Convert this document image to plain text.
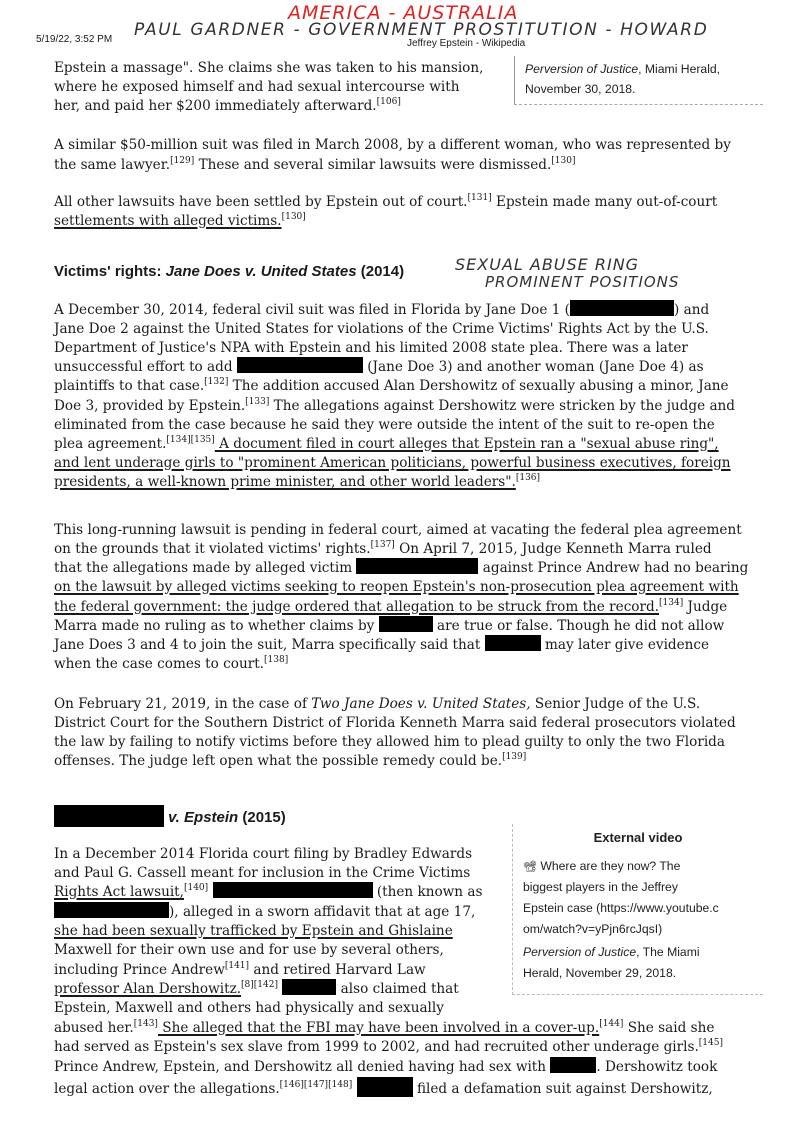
5/19/22, 3:52 PM	Jeffrey Epstein - Wikipedia
AMERICA - AUSTRALIA
PAUL GARDNER - GOVERNMENT PROSTITUTION - HOWARD
SEXUAL ABUSE RING
PROMINENT POSITIONS
Perversion of Justice, Miami Herald,
November 30, 2018.
Epstein a massage". She claims she was taken to his mansion,
where he exposed himself and had sexual intercourse with
her, and paid her $200 immediately afterward.[106]
A similar $50-million suit was filed in March 2008, by a different woman, who was represented by
the same lawyer.[129] These and several similar lawsuits were dismissed.[130]
All other lawsuits have been settled by Epstein out of court.[131] Epstein made many out-of-court
settlements with alleged victims.[130]
Victims' rights: Jane Does v. United States (2014)
A December 30, 2014, federal civil suit was filed in Florida by Jane Doe 1 (	) and
Jane Doe 2 against the United States for violations of the Crime Victims' Rights Act by the U.S.
Department of Justice's NPA with Epstein and his limited 2008 state plea. There was a later
unsuccessful effort to add	(Jane Doe 3) and another woman (Jane Doe 4) as
plaintiffs to that case.[132] The addition accused Alan Dershowitz of sexually abusing a minor, Jane
Doe 3, provided by Epstein.[133] The allegations against Dershowitz were stricken by the judge and
eliminated from the case because he said they were outside the intent of the suit to re-open the
plea agreement.[134][135] A document filed in court alleges that Epstein ran a "sexual abuse ring",
and lent underage girls to "prominent American politicians, powerful business executives, foreign
presidents, a well-known prime minister, and other world leaders".[136]
This long-running lawsuit is pending in federal court, aimed at vacating the federal plea agreement
on the grounds that it violated victims' rights.[137] On April 7, 2015, Judge Kenneth Marra ruled
that the allegations made by alleged victim	against Prince Andrew had no bearing
on the lawsuit by alleged victims seeking to reopen Epstein's non-prosecution plea agreement with
the federal government: the judge ordered that allegation to be struck from the record.[134] Judge
Marra made no ruling as to whether claims by	are true or false. Though he did not allow
Jane Does 3 and 4 to join the suit, Marra specifically said that	may later give evidence
when the case comes to court.[138]
On February 21, 2019, in the case of Two Jane Does v. United States, Senior Judge of the U.S.
District Court for the Southern District of Florida Kenneth Marra said federal prosecutors violated
the law by failing to notify victims before they allowed him to plead guilty to only the two Florida
offenses. The judge left open what the possible remedy could be.[139]
v. Epstein (2015)
External video
📽 Where are they now? The
biggest players in the Jeffrey
Epstein case (https://www.youtube.c
om/watch?v=yPjn6rcJqsI)
Perversion of Justice, The Miami
Herald, November 29, 2018.
In a December 2014 Florida court filing by Bradley Edwards
and Paul G. Cassell meant for inclusion in the Crime Victims
Rights Act lawsuit,[140]	(then known as
), alleged in a sworn affidavit that at age 17,
she had been sexually trafficked by Epstein and Ghislaine
Maxwell for their own use and for use by several others,
including Prince Andrew[141] and retired Harvard Law
professor Alan Dershowitz.[8][142]	also claimed that
Epstein, Maxwell and others had physically and sexually
abused her.[143] She alleged that the FBI may have been involved in a cover-up.[144] She said she
had served as Epstein's sex slave from 1999 to 2002, and had recruited other underage girls.[145]
Prince Andrew, Epstein, and Dershowitz all denied having had sex with	. Dershowitz took
legal action over the allegations.[146][147][148]	filed a defamation suit against Dershowitz,
